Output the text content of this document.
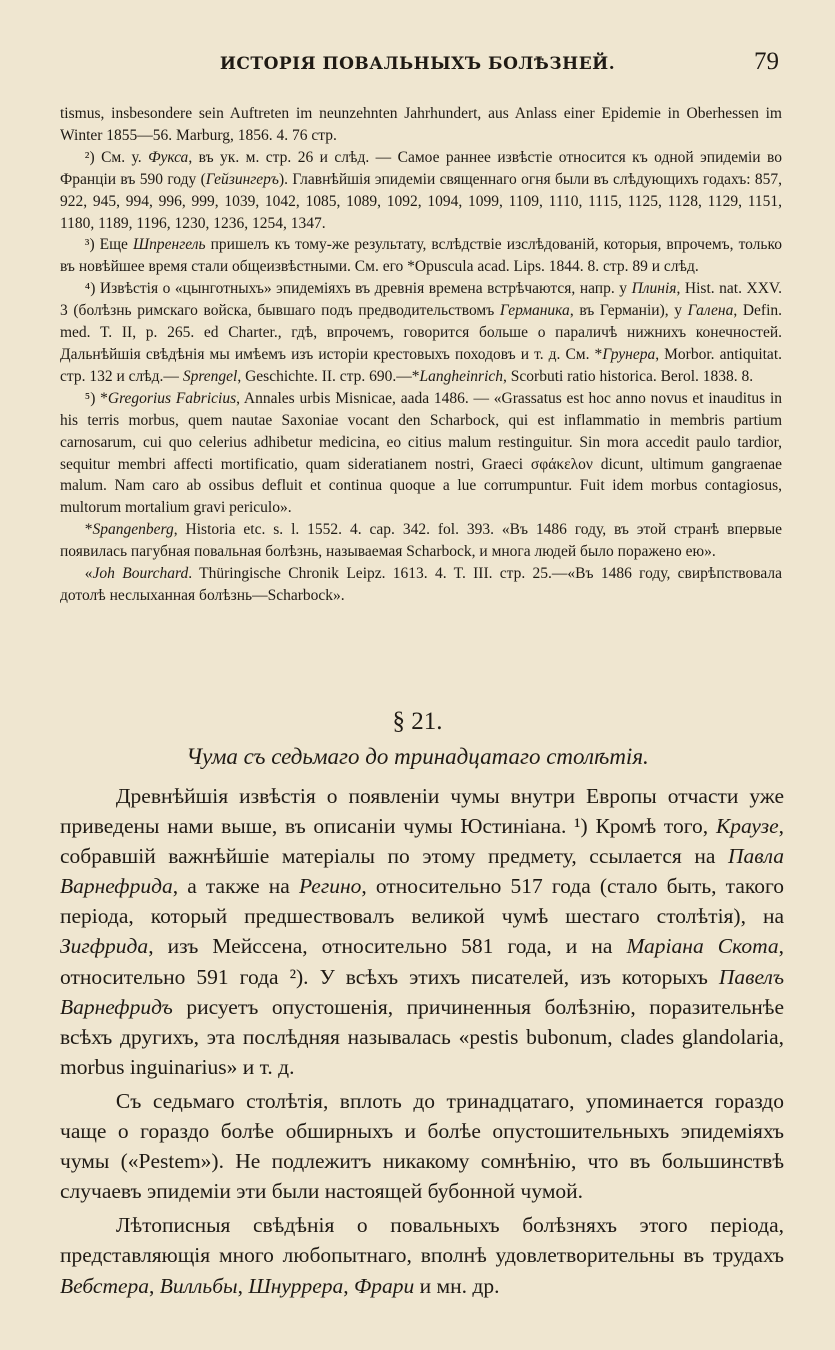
ИСТОРІЯ ПОВАЛЬНЫХЪ БОЛѢЗНЕЙ.	79

tismus, insbesondere sein Auftreten im neunzehnten Jahrhundert, aus Anlass einer Epidemie in Oberhessen im Winter 1855—56. Marburg, 1856. 4. 76 стр.

²) См. у. Фукса, въ ук. м. стр. 26 и слѣд. — Самое раннее извѣстіе относится къ одной эпидеміи во Франціи въ 590 году (Гейзингеръ). Главнѣйшія эпидеміи священнаго огня были въ слѣдующихъ годахъ: 857, 922, 945, 994, 996, 999, 1039, 1042, 1085, 1089, 1092, 1094, 1099, 1109, 1110, 1115, 1125, 1128, 1129, 1151, 1180, 1189, 1196, 1230, 1236, 1254, 1347.

³) Еще Шпренгель пришелъ къ тому-же результату, вслѣдствіе изслѣдованій, которыя, впрочемъ, только въ новѣйшее время стали общеизвѣстными. См. его *Opuscula acad. Lips. 1844. 8. стр. 89 и слѣд.

⁴) Извѣстія о «цынготныхъ» эпидеміяхъ въ древнія времена встрѣчаются, напр. у Плинія, Hist. nat. XXV. 3 (болѣзнь римскаго войска, бывшаго подъ предводительствомъ Германика, въ Германіи), у Галена, Defin. med. T. II, p. 265. ed Charter., гдѣ, впрочемъ, говорится больше о параличѣ нижнихъ конечностей. Дальнѣйшія свѣдѣнія мы имѣемъ изъ исторіи крестовыхъ походовъ и т. д. См. *Грунера, Morbor. antiquitat. стр. 132 и слѣд.— Sprengel, Geschichte. II. стр. 690.—*Langheinrich, Scorbuti ratio historica. Berol. 1838. 8.

⁵) *Gregorius Fabricius, Annales urbis Misnicae, aada 1486. — «Grassatus est hoc anno novus et inauditus in his terris morbus, quem nautae Saxoniae vocant den Scharbock, qui est inflammatio in membris partium carnosarum, cui quo celerius adhibetur medicina, eo citius malum restinguitur. Sin mora accedit paulo tardior, sequitur membri affecti mortificatio, quam sideratianem nostri, Graeci σφάκελον dicunt, ultimum gangraenae malum. Nam caro ab ossibus defluit et continua quoque a lue corrumpuntur. Fuit idem morbus contagiosus, multorum mortalium gravi periculo».

*Spangenberg, Historia etc. s. l. 1552. 4. cap. 342. fol. 393. «Въ 1486 году, въ этой странѣ впервые появилась пагубная повальная болѣзнь, называемая Scharbock, и многа людей было поражено ею».

«Joh Bourchard. Thüringische Chronik Leipz. 1613. 4. T. III. стр. 25.—«Въ 1486 году, свирѣпствовала дотолѣ неслыханная болѣзнь—Scharbock».

§ 21.
Чума съ седьмаго до тринадцатаго столѣтія.

Древнѣйшія извѣстія о появленіи чумы внутри Европы отчасти уже приведены нами выше, въ описаніи чумы Юстиніана. ¹) Кромѣ того, Краузе, собравшій важнѣйшіе матеріалы по этому предмету, ссылается на Павла Варнефрида, а также на Регино, относительно 517 года (стало быть, такого періода, который предшествовалъ великой чумѣ шестаго столѣтія), на Зигфрида, изъ Мейссена, относительно 581 года, и на Маріана Скота, относительно 591 года ²). У всѣхъ этихъ писателей, изъ которыхъ Павелъ Варнефридъ рисуетъ опустошенія, причиненныя болѣзнію, поразительнѣе всѣхъ другихъ, эта послѣдняя называлась «pestis bubonum, clades glandolaria, morbus inguinarius» и т. д.

Съ седьмаго столѣтія, вплоть до тринадцатаго, упоминается гораздо чаще о гораздо болѣе обширныхъ и болѣе опустошительныхъ эпидеміяхъ чумы («Pestem»). Не подлежитъ никакому сомнѣнію, что въ большинствѣ случаевъ эпидеміи эти были настоящей бубонной чумой.

Лѣтописныя свѣдѣнія о повальныхъ болѣзняхъ этого періода, представляющія много любопытнаго, вполнѣ удовлетворительны въ трудахъ Вебстера, Вилльбы, Шнуррера, Фрари и мн. др.
